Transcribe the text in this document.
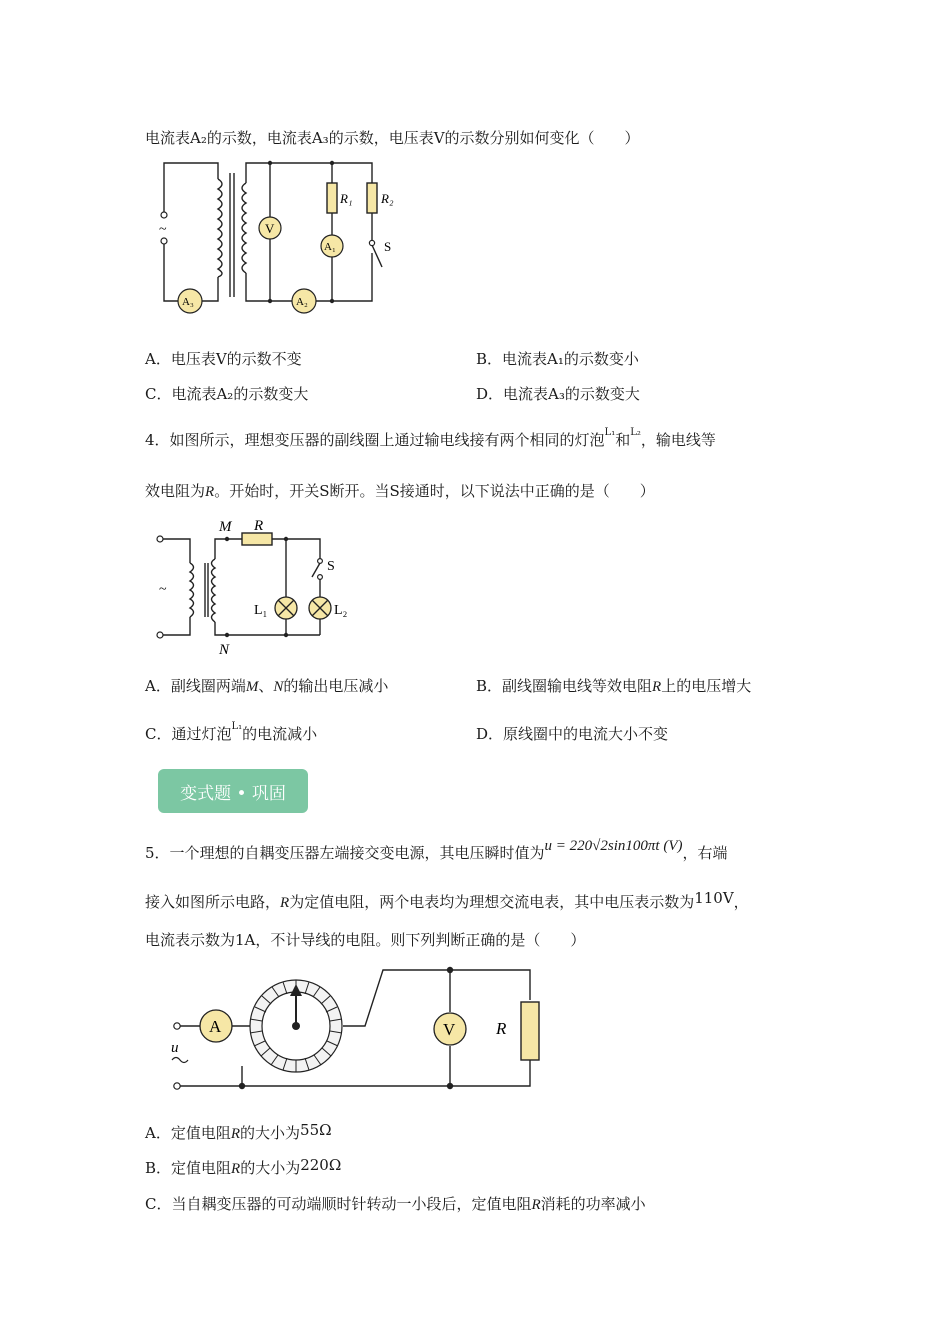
电流表A₂的示数，电流表A₃的示数，电压表V的示数分别如何变化（　　）
~	V
A₁
A₂
A₃
R₁ R₂
S
A．电压表V的示数不变	B．电流表A₁的示数变小
C．电流表A₂的示数变大	D．电流表A₃的示数变大
4．如图所示，理想变压器的副线圈上通过输电线接有两个相同的灯泡$^{L_1}$和$^{L_2}$，输电线等
效电阻为R。开始时，开关S断开。当S接通时，以下说法中正确的是（　　）
~
M
N
R
S
L₁	L₂
A．副线圈两端M、N的输出电压减小	B．副线圈输电线等效电阻R上的电压增大
C．通过灯泡$^{L_1}$的电流减小	D．原线圈中的电流大小不变
变式题 • 巩固
5．一个理想的自耦变压器左端接交变电源，其电压瞬时值为u = 220√2sin100πt (V)，右端
接入如图所示电路，R为定值电阻，两个电表均为理想交流电表，其中电压表示数为110V，
电流表示数为1A，不计导线的电阻。则下列判断正确的是（　　）
A	V R
u
A．定值电阻R的大小为55Ω
B．定值电阻R的大小为220Ω
C．当自耦变压器的可动端顺时针转动一小段后，定值电阻R消耗的功率减小
